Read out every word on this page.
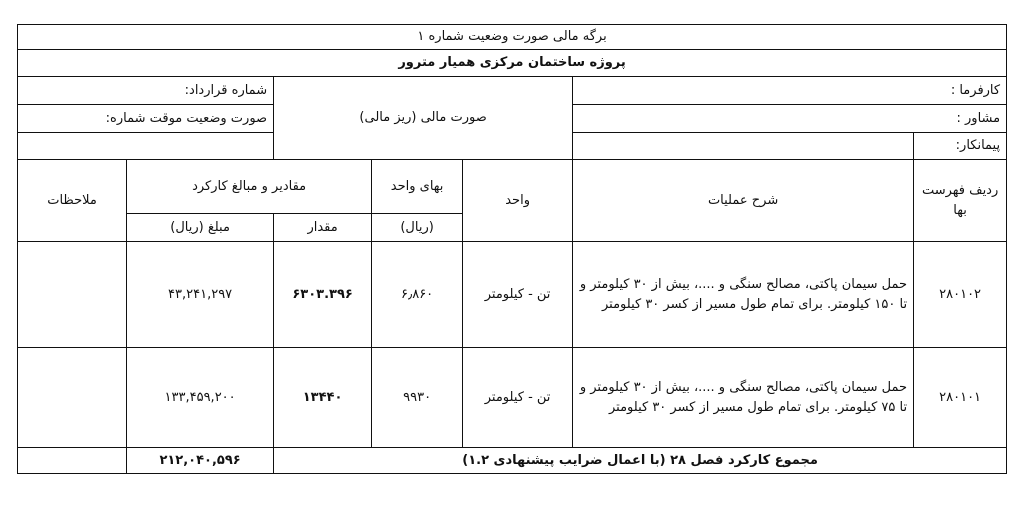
برگه مالی صورت وضعیت شماره ۱						
پروژه ساختمان مرکزی همیار مترور						
کارفرما :		صورت مالی (ریز مالی)			شماره قرارداد:	
مشاور :					صورت وضعیت موقت شماره:	
پیمانکار:						
ردیف فهرست بها	شرح عملیات	واحد	بهای واحد	مقادیر و مبالغ کارکرد		ملاحظات
			(ریال)	مقدار	مبلغ (ریال)	
۲۸۰۱۰۲	حمل سیمان پاکتی، مصالح سنگی و ....، بیش از ۳۰ کیلومتر و تا ۱۵۰ کیلومتر. برای تمام طول مسیر از کسر ۳۰ کیلومتر	تن - کیلومتر	۶٫۸۶۰	۶۳۰۳.۳۹۶	۴۳,۲۴۱,۲۹۷	
۲۸۰۱۰۱	حمل سیمان پاکتی، مصالح سنگی و ....، بیش از ۳۰ کیلومتر و تا ۷۵ کیلومتر. برای تمام طول مسیر از کسر ۳۰ کیلومتر	تن - کیلومتر	۹۹۳۰	۱۳۴۴۰	۱۳۳,۴۵۹,۲۰۰	
مجموع کارکرد فصل ۲۸ (با اعمال ضرایب پیشنهادی ۱.۲)					۲۱۲,۰۴۰,۵۹۶	
